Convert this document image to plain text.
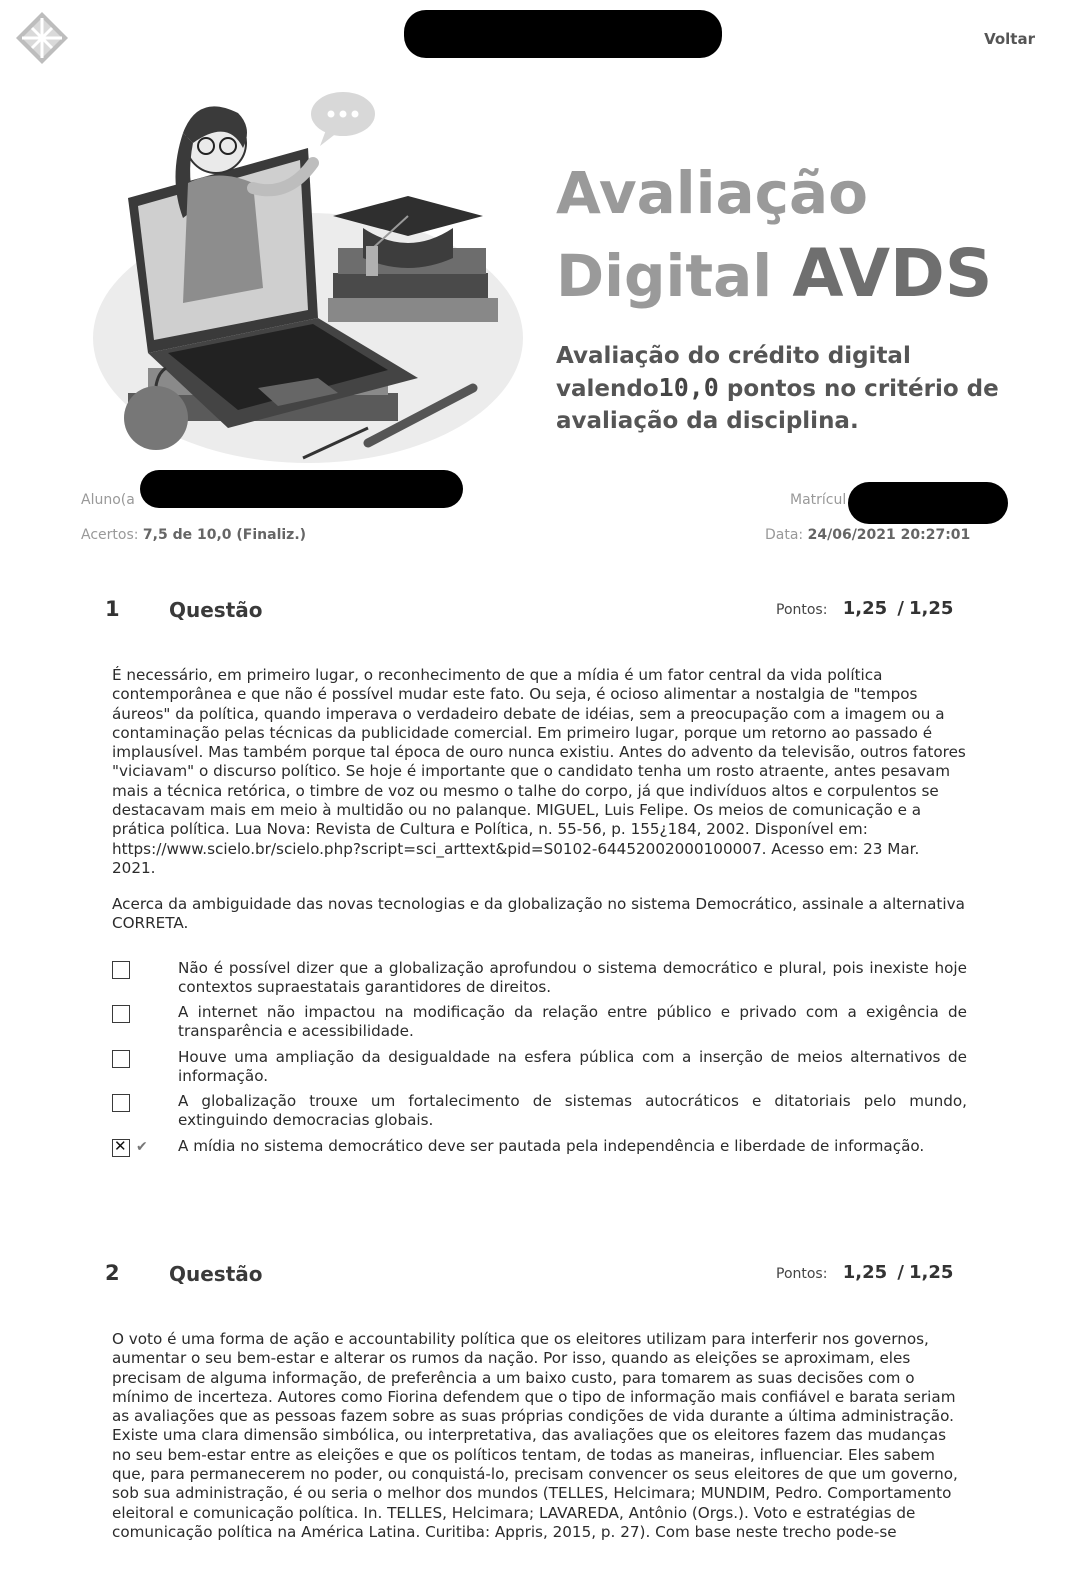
Voltar
Avaliação
Digital AVDS
Avaliação do crédito digital valendo10,0 pontos no critério de avaliação da disciplina.
Aluno(a	Matrícul
Acertos: 7,5 de 10,0 (Finaliz.)	Data: 24/06/2021 20:27:01
1 Questão	Pontos: 1,25 / 1,25

É necessário, em primeiro lugar, o reconhecimento de que a mídia é um fator central da vida política contemporânea e que não é possível mudar este fato. Ou seja, é ocioso alimentar a nostalgia de "tempos áureos" da política, quando imperava o verdadeiro debate de idéias, sem a preocupação com a imagem ou a contaminação pelas técnicas da publicidade comercial. Em primeiro lugar, porque um retorno ao passado é implausível. Mas também porque tal época de ouro nunca existiu. Antes do advento da televisão, outros fatores "viciavam" o discurso político. Se hoje é importante que o candidato tenha um rosto atraente, antes pesavam mais a técnica retórica, o timbre de voz ou mesmo o talhe do corpo, já que indivíduos altos e corpulentos se destacavam mais em meio à multidão ou no palanque. MIGUEL, Luis Felipe. Os meios de comunicação e a prática política. Lua Nova: Revista de Cultura e Política, n. 55-56, p. 155¿184, 2002. Disponível em: https://www.scielo.br/scielo.php?script=sci_arttext&pid=S0102-64452002000100007. Acesso em: 23 Mar. 2021.

Acerca da ambiguidade das novas tecnologias e da globalização no sistema Democrático, assinale a alternativa CORRETA.

Não é possível dizer que a globalização aprofundou o sistema democrático e plural, pois inexiste hoje contextos supraestatais garantidores de direitos.
A internet não impactou na modificação da relação entre público e privado com a exigência de transparência e acessibilidade.
Houve uma ampliação da desigualdade na esfera pública com a inserção de meios alternativos de informação.
A globalização trouxe um fortalecimento de sistemas autocráticos e ditatoriais pelo mundo, extinguindo democracias globais.
✕
✔ A mídia no sistema democrático deve ser pautada pela independência e liberdade de informação.
2 Questão	Pontos: 1,25 / 1,25

O voto é uma forma de ação e accountability política que os eleitores utilizam para interferir nos governos, aumentar o seu bem-estar e alterar os rumos da nação. Por isso, quando as eleições se aproximam, eles precisam de alguma informação, de preferência a um baixo custo, para tomarem as suas decisões com o mínimo de incerteza. Autores como Fiorina defendem que o tipo de informação mais confiável e barata seriam as avaliações que as pessoas fazem sobre as suas próprias condições de vida durante a última administração. Existe uma clara dimensão simbólica, ou interpretativa, das avaliações que os eleitores fazem das mudanças no seu bem-estar entre as eleições e que os políticos tentam, de todas as maneiras, influenciar. Eles sabem que, para permanecerem no poder, ou conquistá-lo, precisam convencer os seus eleitores de que um governo, sob sua administração, é ou seria o melhor dos mundos (TELLES, Helcimara; MUNDIM, Pedro. Comportamento eleitoral e comunicação política. In. TELLES, Helcimara; LAVAREDA, Antônio (Orgs.). Voto e estratégias de comunicação política na América Latina. Curitiba: Appris, 2015, p. 27). Com base neste trecho pode-se
